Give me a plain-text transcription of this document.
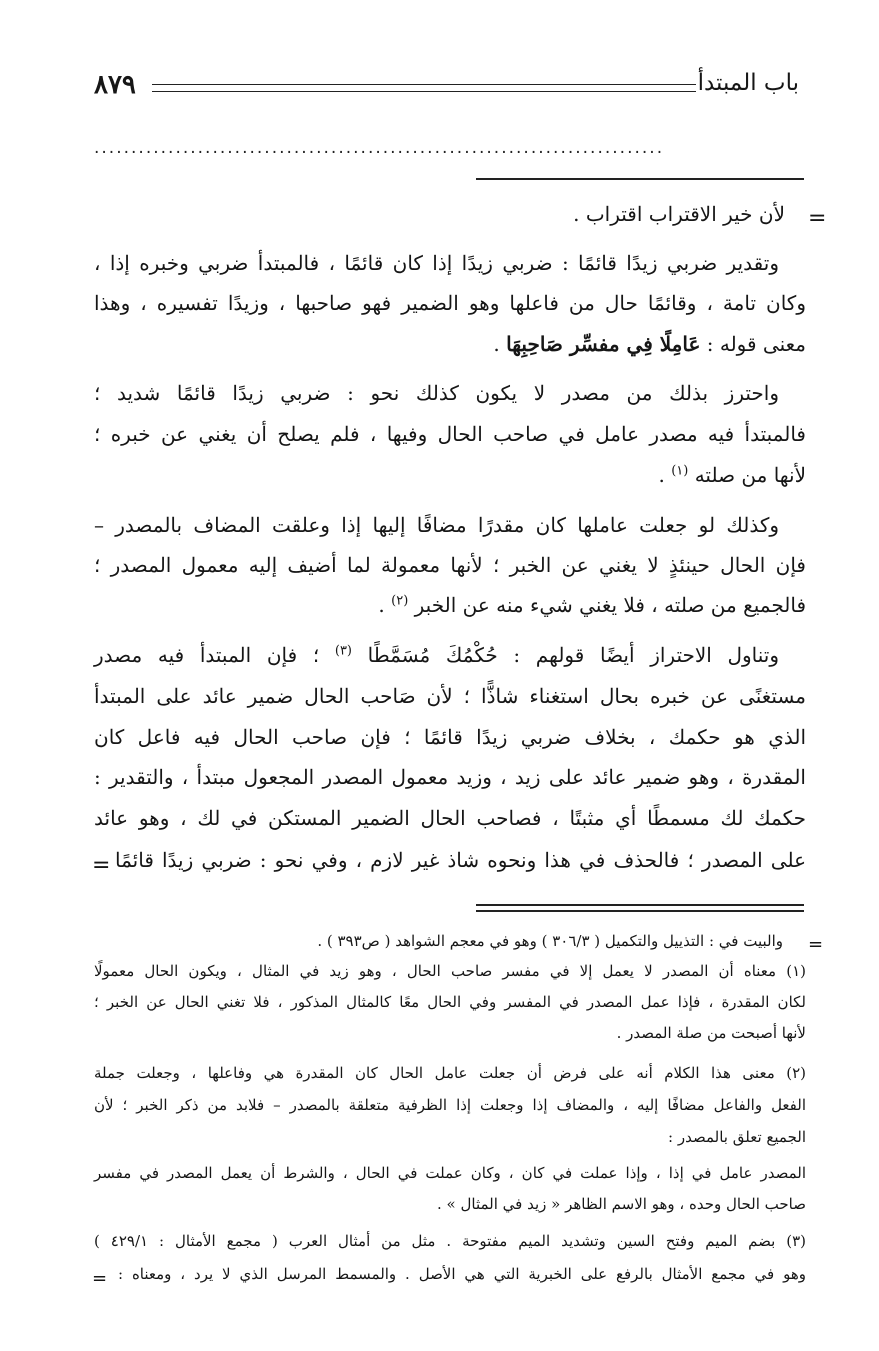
باب المبتدأ
٨٧٩
.............................................................................
=
لأن خير الاقتراب اقتراب .
وتقدير ضربي زيدًا قائمًا : ضربي زيدًا إذا كان قائمًا ، فالمبتدأ ضربي وخبره إذا ،
وكان تامة ، وقائمًا حال من فاعلها وهو الضمير فهو صاحبها ، وزيدًا تفسيره ، وهذا
معنى قوله : عَامِلًا فِي مفسِّر صَاحِبِهَا .
واحترز بذلك من مصدر لا يكون كذلك نحو : ضربي زيدًا قائمًا شديد ؛
فالمبتدأ فيه مصدر عامل في صاحب الحال وفيها ، فلم يصلح أن يغني عن خبره ؛
لأنها من صلته $^{(١)}$ .
وكذلك لو جعلت عاملها كان مقدرًا مضافًا إليها إذا وعلقت المضاف بالمصدر –
فإن الحال حينئذٍ لا يغني عن الخبر ؛ لأنها معمولة لما أضيف إليه معمول المصدر ؛
فالجميع من صلته ، فلا يغني شيء منه عن الخبر $^{(٢)}$ .
وتناول الاحتراز أيضًا قولهم : حُكْمُكَ مُسَمَّطًا $^{(٣)}$ ؛ فإن المبتدأ فيه مصدر
مستغنًى عن خبره بحال استغناء شاذًّا ؛ لأن صَاحب الحال ضمير عائد على المبتدأ
الذي هو حكمك ، بخلاف ضربي زيدًا قائمًا ؛ فإن صاحب الحال فيه فاعل كان
المقدرة ، وهو ضمير عائد على زيد ، وزيد معمول المصدر المجعول مبتدأ ، والتقدير :
حكمك لك مسمطًا أي مثبتًا ، فصاحب الحال الضمير المستكن في لك ، وهو عائد
على المصدر ؛ فالحذف في هذا ونحوه شاذ غير لازم ، وفي نحو : ضربي زيدًا قائمًا
=
=
والبيت في : التذييل والتكميل ( ٣٠٦/٣ ) وهو في معجم الشواهد ( ص٣٩٣ ) .
(١) معناه أن المصدر لا يعمل إلا في مفسر صاحب الحال ، وهو زيد في المثال ، ويكون الحال معمولًا
لكان المقدرة ، فإذا عمل المصدر في المفسر وفي الحال معًا كالمثال المذكور ، فلا تغني الحال عن الخبر ؛
لأنها أصبحت من صلة المصدر .
(٢) معنى هذا الكلام أنه على فرض أن جعلت عامل الحال كان المقدرة هي وفاعلها ، وجعلت جملة
الفعل والفاعل مضافًا إليه ، والمضاف إذا وجعلت إذا الظرفية متعلقة بالمصدر – فلابد من ذكر الخبر ؛ لأن
الجميع تعلق بالمصدر :
المصدر عامل في إذا ، وإذا عملت في كان ، وكان عملت في الحال ، والشرط أن يعمل المصدر في مفسر
صاحب الحال وحده ، وهو الاسم الظاهر « زيد في المثال » .
(٣) بضم الميم وفتح السين وتشديد الميم مفتوحة . مثل من أمثال العرب ( مجمع الأمثال : ٤٢٩/١ )
وهو في مجمع الأمثال بالرفع على الخبرية التي هي الأصل . والمسمط المرسل الذي لا يرد ، ومعناه :
=
